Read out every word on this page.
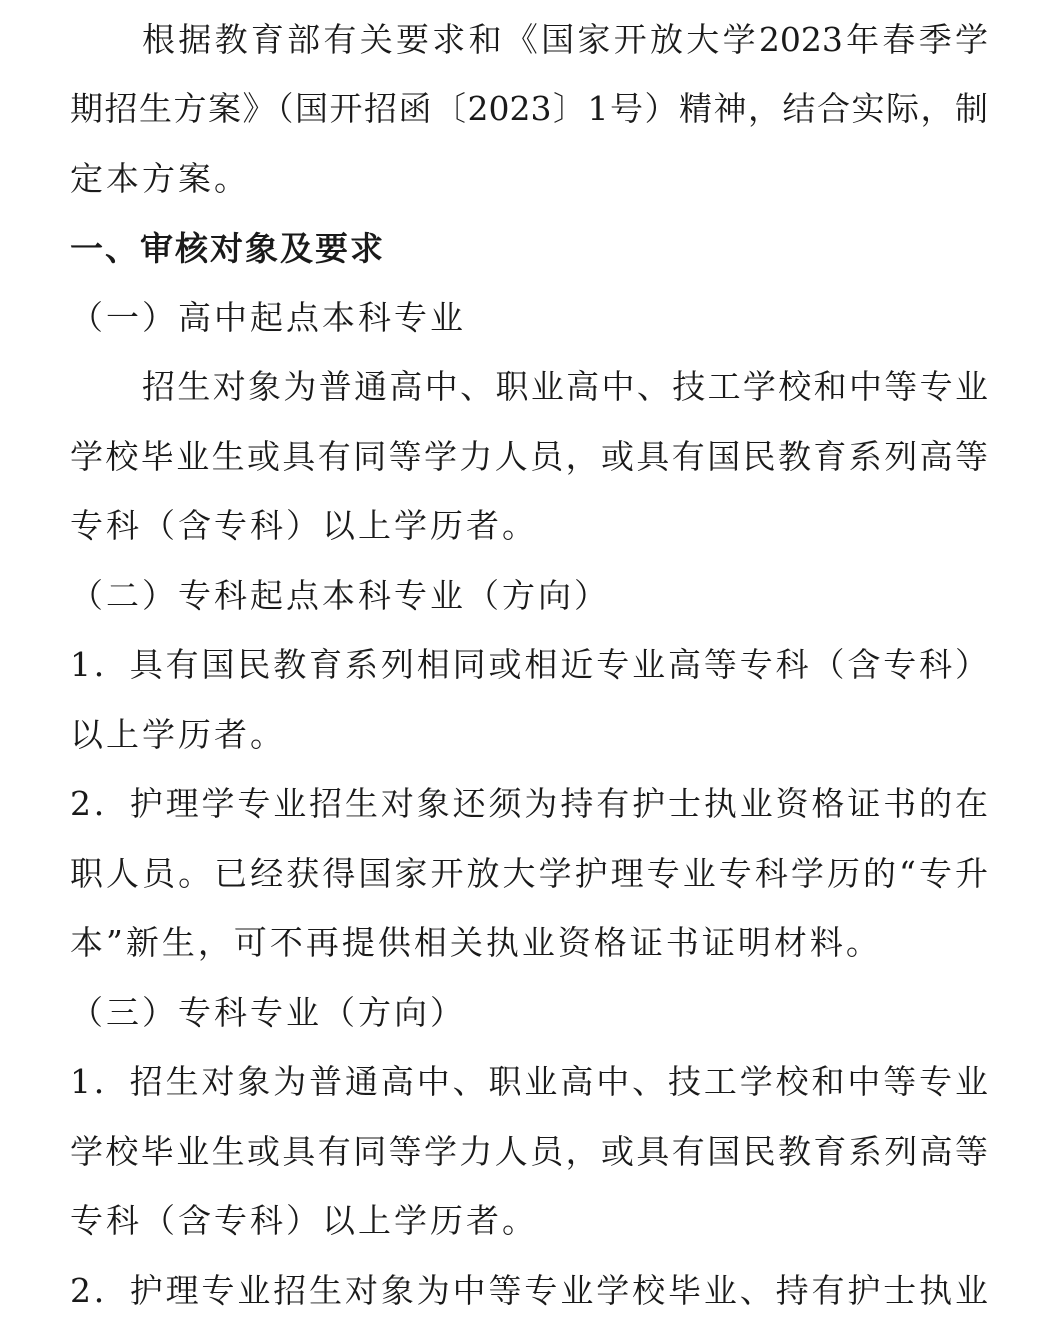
根据教育部有关要求和《国家开放大学2023年春季学
期招生方案》（国开招函〔2023〕1号）精神，结合实际，制
定本方案。
一、审核对象及要求
（一）高中起点本科专业
招生对象为普通高中、职业高中、技工学校和中等专业
学校毕业生或具有同等学力人员，或具有国民教育系列高等
专科（含专科）以上学历者。
（二）专科起点本科专业（方向）
1．具有国民教育系列相同或相近专业高等专科（含专科）
以上学历者。
2．护理学专业招生对象还须为持有护士执业资格证书的在
职人员。已经获得国家开放大学护理专业专科学历的“专升
本”新生，可不再提供相关执业资格证书证明材料。
（三）专科专业（方向）
1．招生对象为普通高中、职业高中、技工学校和中等专业
学校毕业生或具有同等学力人员，或具有国民教育系列高等
专科（含专科）以上学历者。
2．护理专业招生对象为中等专业学校毕业、持有护士执业
